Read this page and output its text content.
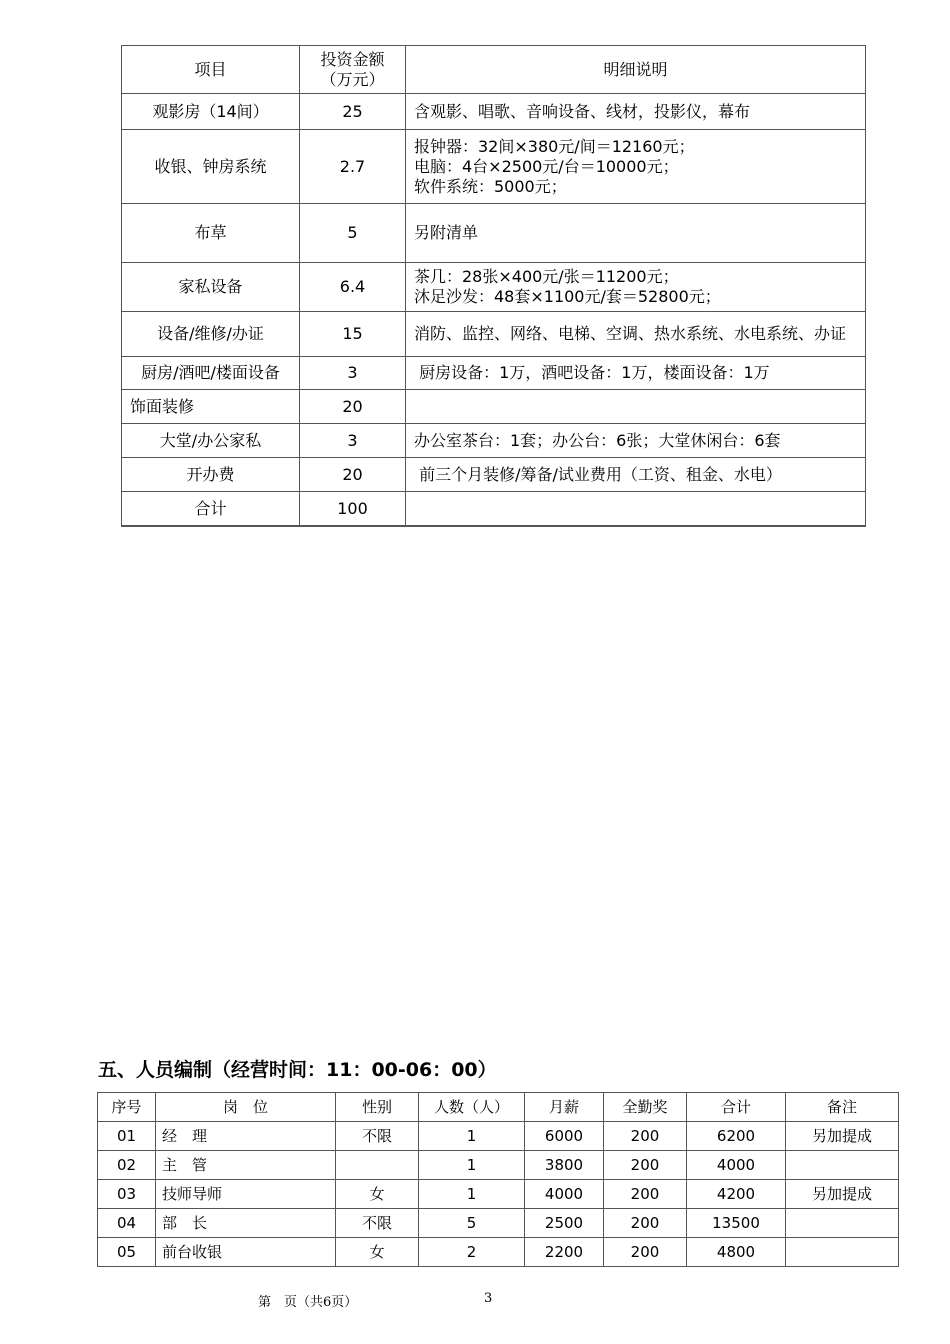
项目	投资金额（万元）	明细说明
观影房（14间）	25	含观影、唱歌、音响设备、线材，投影仪，幕布

收银、钟房系统	2.7	报钟器：32间×380元/间＝12160元；
电脑：4台×2500元/台＝10000元；
软件系统：5000元；

布草	5	另附清单

家私设备	6.4	茶几：28张×400元/张＝11200元；
沐足沙发：48套×1100元/套＝52800元；

设备/维修/办证	15	消防、监控、网络、电梯、空调、热水系统、水电系统、办证

厨房/酒吧/楼面设备	3	厨房设备：1万，酒吧设备：1万，楼面设备：1万

饰面装修	20	

大堂/办公家私	3	办公室茶台：1套；办公台：6张；大堂休闲台：6套

开办费	20	前三个月装修/筹备/试业费用（工资、租金、水电）

合计	100	

五、人员编制（经营时间：11：00-06：00）
序号	岗　位	性别	人数（人）	月薪	全勤奖	合计	备注
01	经　理	不限	1	6000	200	6200	另加提成
02	主　管		1	3800	200	4000	
03	技师导师	女	1	4000	200	4200	另加提成
04	部　长	不限	5	2500	200	13500	
05	前台收银	女	2	2200	200	4800	
第　页（共6页）	3
